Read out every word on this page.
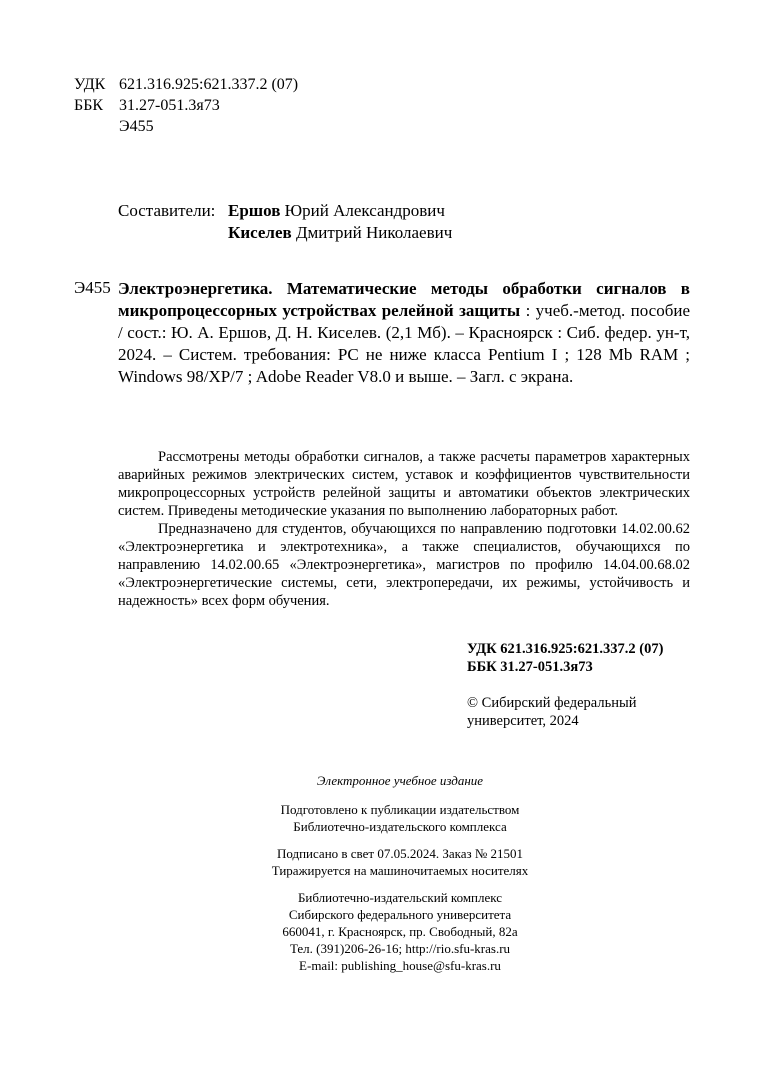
УДК 621.316.925:621.337.2 (07)
ББК 31.27-051.3я73
Э455
Составители: Ершов Юрий Александрович
Киселев Дмитрий Николаевич
Э455 Электроэнергетика. Математические методы обработки сигналов в микропроцессорных устройствах релейной защиты : учеб.-метод. пособие / сост.: Ю. А. Ершов, Д. Н. Киселев. (2,1 Мб). – Красноярск : Сиб. федер. ун-т, 2024. – Систем. требования: PC не ниже класса Pentium I ; 128 Mb RAM ; Windows 98/XP/7 ; Adobe Reader V8.0 и выше. – Загл. с экрана.

Рассмотрены методы обработки сигналов, а также расчеты параметров характерных аварийных режимов электрических систем, уставок и коэффициентов чувствительности микропроцессорных устройств релейной защиты и автоматики объектов электрических систем. Приведены методические указания по выполнению лабораторных работ.

Предназначено для студентов, обучающихся по направлению подготовки 14.02.00.62 «Электроэнергетика и электротехника», а также специалистов, обучающихся по направлению 14.02.00.65 «Электроэнергетика», магистров по профилю 14.04.00.68.02 «Электроэнергетические системы, сети, электропередачи, их режимы, устойчивость и надежность» всех форм обучения.

УДК 621.316.925:621.337.2 (07)
ББК 31.27-051.3я73
© Сибирский федеральный
университет, 2024
Электронное учебное издание
Подготовлено к публикации издательством
Библиотечно-издательского комплекса
Подписано в свет 07.05.2024. Заказ № 21501
Тиражируется на машиночитаемых носителях
Библиотечно-издательский комплекс
Сибирского федерального университета
660041, г. Красноярск, пр. Свободный, 82а
Тел. (391)206-26-16; http://rio.sfu-kras.ru
E-mail: publishing_house@sfu-kras.ru
